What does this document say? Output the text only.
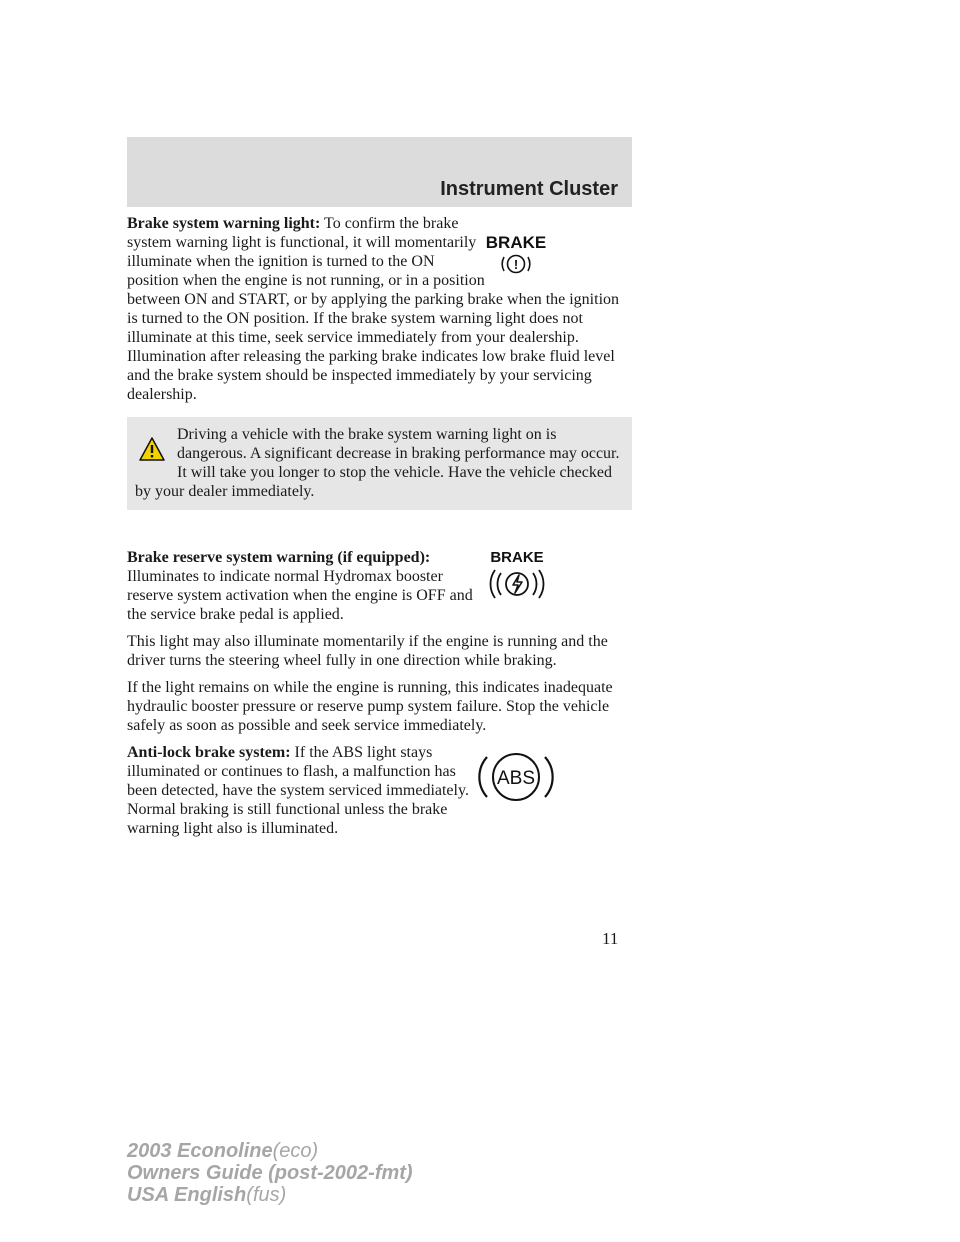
Instrument Cluster
BRAKE
!

Brake system warning light: To confirm the brake system warning light is functional, it will momentarily illuminate when the ignition is turned to the ON position when the engine is not running, or in a position between ON and START, or by applying the parking brake when the ignition is turned to the ON position. If the brake system warning light does not illuminate at this time, seek service immediately from your dealership. Illumination after releasing the parking brake indicates low brake fluid level and the brake system should be inspected immediately by your servicing dealership.

Driving a vehicle with the brake system warning light on is dangerous. A significant decrease in braking performance may occur. It will take you longer to stop the vehicle. Have the vehicle checked by your dealer immediately.

BRAKE

Brake reserve system warning (if equipped): Illuminates to indicate normal Hydromax booster reserve system activation when the engine is OFF and the service brake pedal is applied.

This light may also illuminate momentarily if the engine is running and the driver turns the steering wheel fully in one direction while braking.

If the light remains on while the engine is running, this indicates inadequate hydraulic booster pressure or reserve pump system failure. Stop the vehicle safely as soon as possible and seek service immediately.

ABS

Anti-lock brake system: If the ABS light stays illuminated or continues to flash, a malfunction has been detected, have the system serviced immediately. Normal braking is still functional unless the brake warning light also is illuminated.

11
2003 Econoline(eco)
Owners Guide (post-2002-fmt)
USA English(fus)
